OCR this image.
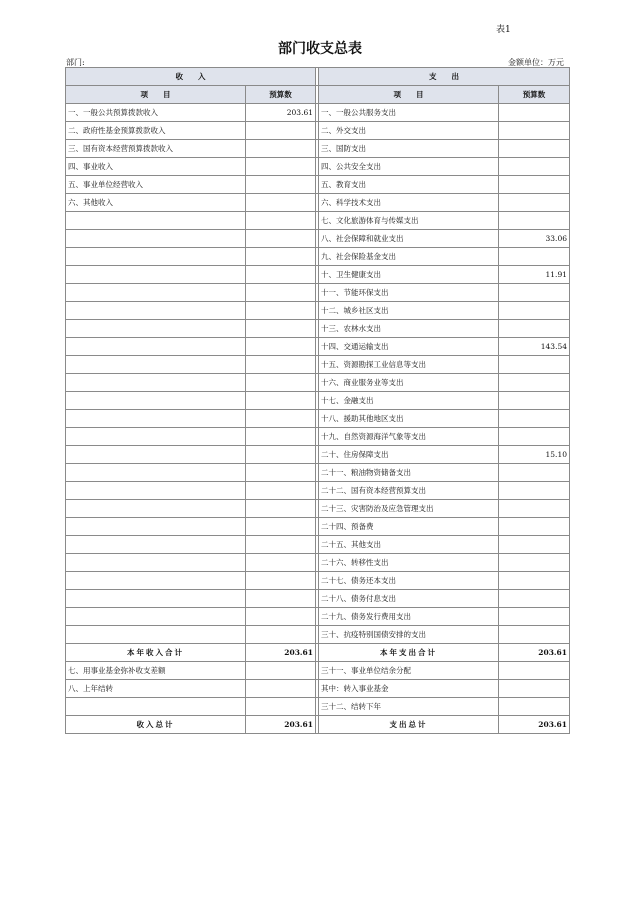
表1
部门收支总表
部门:	金额单位：万元
收　　入			支　　出	
项　　目	预算数		项　　目	预算数
一、一般公共预算拨款收入	203.61		一、一般公共服务支出	
二、政府性基金预算拨款收入			二、外交支出	
三、国有资本经营预算拨款收入			三、国防支出	
四、事业收入			四、公共安全支出	
五、事业单位经营收入			五、教育支出	
六、其他收入			六、科学技术支出	
			七、文化旅游体育与传媒支出	
			八、社会保障和就业支出	33.06
			九、社会保险基金支出	
			十、卫生健康支出	11.91
			十一、节能环保支出	
			十二、城乡社区支出	
			十三、农林水支出	
			十四、交通运输支出	143.54
			十五、资源勘探工业信息等支出	
			十六、商业服务业等支出	
			十七、金融支出	
			十八、援助其他地区支出	
			十九、自然资源海洋气象等支出	
			二十、住房保障支出	15.10
			二十一、粮油物资储备支出	
			二十二、国有资本经营预算支出	
			二十三、灾害防治及应急管理支出	
			二十四、预备费	
			二十五、其他支出	
			二十六、转移性支出	
			二十七、债务还本支出	
			二十八、债务付息支出	
			二十九、债务发行费用支出	
			三十、抗疫特别国债安排的支出	
本年收入合计	203.61		本年支出合计	203.61
七、用事业基金弥补收支差额			三十一、事业单位结余分配	
八、上年结转			其中：转入事业基金	
			三十二、结转下年	
收入总计	203.61		支出总计	203.61
